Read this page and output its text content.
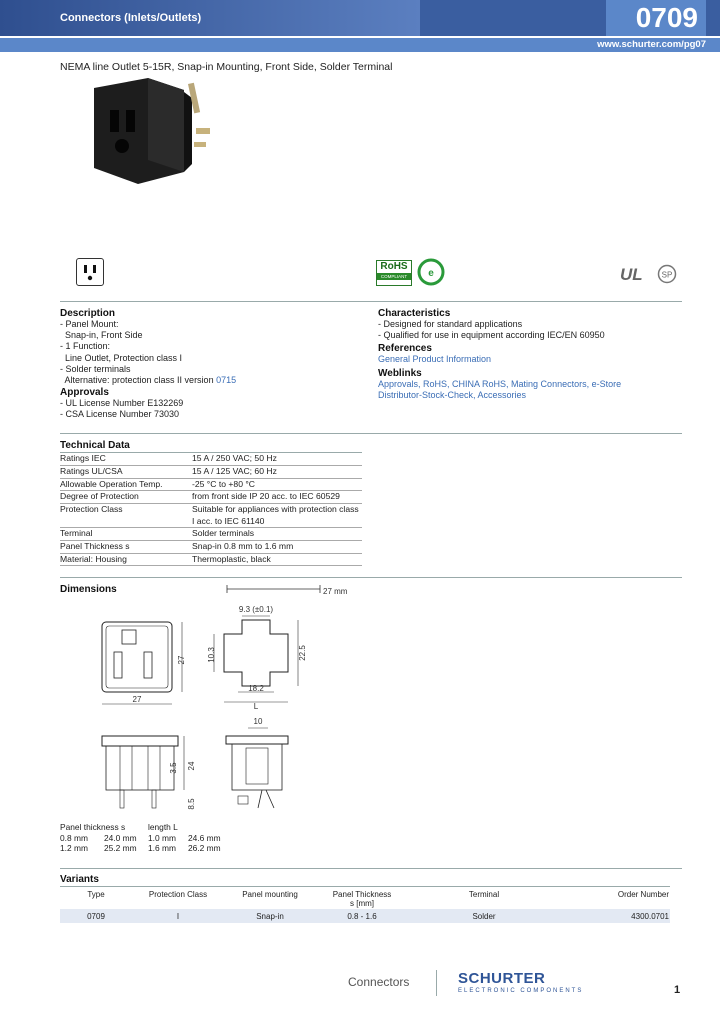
Connectors (Inlets/Outlets)	0709
www.schurter.com/pg07
NEMA line Outlet 5-15R, Snap-in Mounting, Front Side, Solder Terminal
RoHS
COMPLIANT	e	UL SP
Description
- Panel Mount:
Snap-in, Front Side
- 1 Function:
Line Outlet, Protection class I
- Solder terminals
Alternative: protection class II version 0715
Approvals
- UL License Number E132269
- CSA License Number 73030
Characteristics
- Designed for standard applications
- Qualified for use in equipment according IEC/EN 60950
References
General Product Information
Weblinks
Approvals, RoHS, CHINA RoHS, Mating Connectors, e-Store
Distributor-Stock-Check, Accessories
Technical Data
Ratings IEC	15 A / 250 VAC; 50 Hz
Ratings UL/CSA	15 A / 125 VAC; 60 Hz
Allowable Operation Temp.	-25 °C to +80 °C
Degree of Protection	from front side IP 20 acc. to IEC 60529
Protection Class	Suitable for appliances with protection class I acc. to IEC 61140
Terminal	Solder terminals
Panel Thickness s	Snap-in 0.8 mm to 1.6 mm
Material: Housing	Thermoplastic, black
Dimensions	27 mm
27
27
9.3 (±0.1)
10.3	22.5
18.2
L
3.5 24
8.5
10
Panel thickness s	length L
0.8 mm 24.0 mm 1.0 mm 24.6 mm
1.2 mm 25.2 mm 1.6 mm 26.2 mm
Variants
Type	Protection Class	Panel mounting	Panel Thickness
s [mm]	Terminal	Order Number
0709	I	Snap-in	0.8 - 1.6	Solder	4300.0701
Connectors	SCHURTER
ELECTRONIC COMPONENTS	1
